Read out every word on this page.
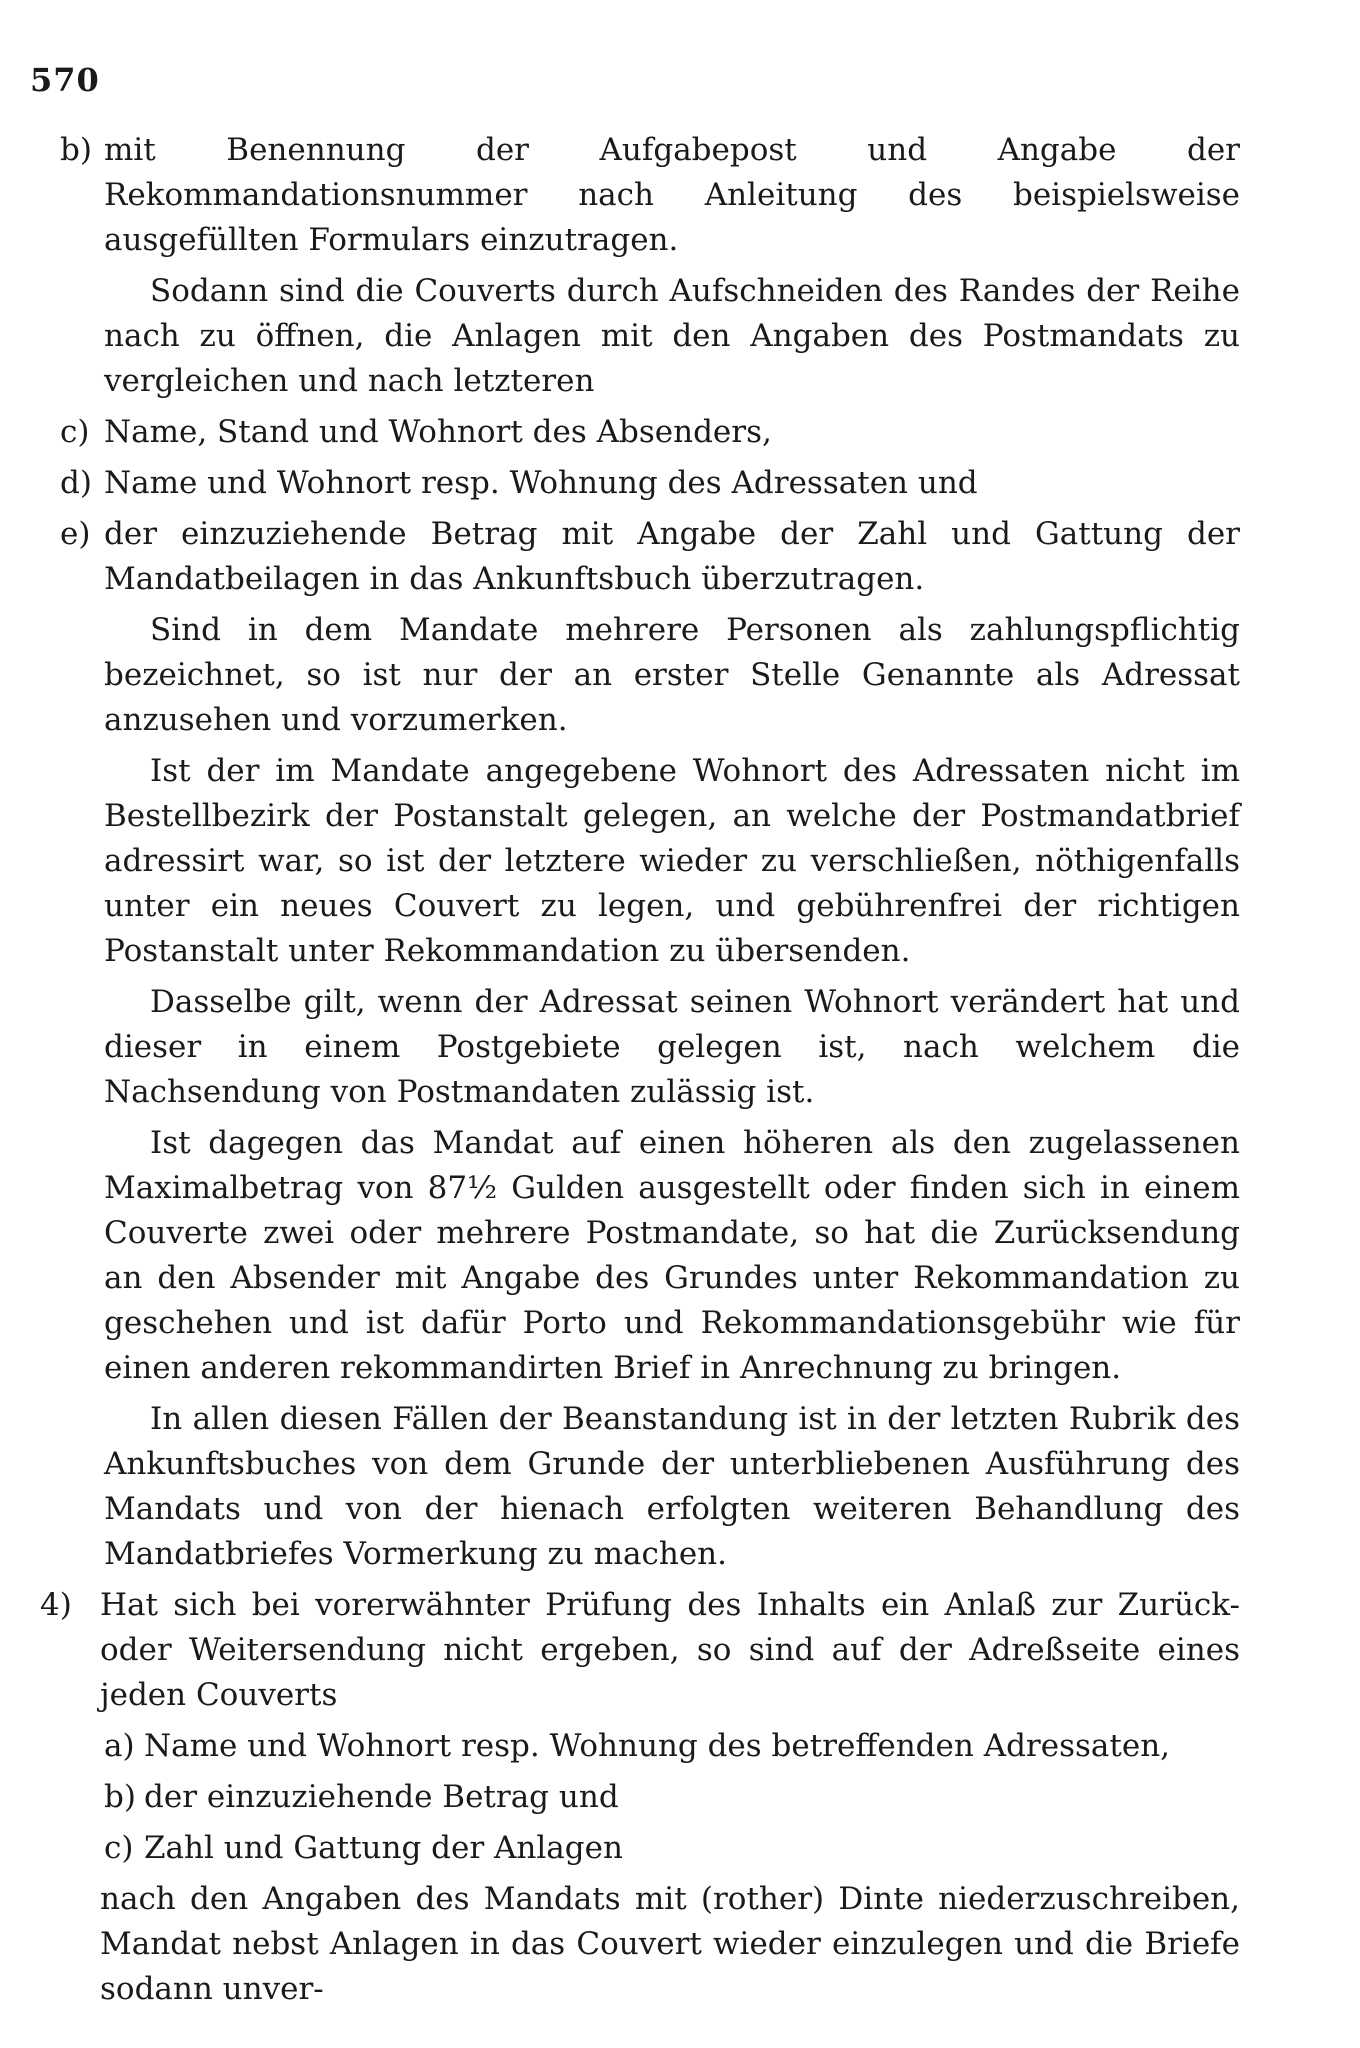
570
b) mit Benennung der Aufgabepost und Angabe der Rekommandationsnummer nach Anleitung des beispielsweise ausgefüllten Formulars einzutragen.

Sodann sind die Couverts durch Aufschneiden des Randes der Reihe nach zu öffnen, die Anlagen mit den Angaben des Postmandats zu vergleichen und nach letzteren

c) Name, Stand und Wohnort des Absenders,
d) Name und Wohnort resp. Wohnung des Adressaten und
e) der einzuziehende Betrag mit Angabe der Zahl und Gattung der Mandatbeilagen in das Ankunftsbuch überzutragen.

Sind in dem Mandate mehrere Personen als zahlungspflichtig bezeichnet, so ist nur der an erster Stelle Genannte als Adressat anzusehen und vorzumerken.

Ist der im Mandate angegebene Wohnort des Adressaten nicht im Bestellbezirk der Postanstalt gelegen, an welche der Postmandatbrief adressirt war, so ist der letztere wieder zu verschließen, nöthigenfalls unter ein neues Couvert zu legen, und gebührenfrei der richtigen Postanstalt unter Rekommandation zu übersenden.

Dasselbe gilt, wenn der Adressat seinen Wohnort verändert hat und dieser in einem Postgebiete gelegen ist, nach welchem die Nachsendung von Postmandaten zulässig ist.

Ist dagegen das Mandat auf einen höheren als den zugelassenen Maximalbetrag von 87½ Gulden ausgestellt oder finden sich in einem Couverte zwei oder mehrere Postmandate, so hat die Zurücksendung an den Absender mit Angabe des Grundes unter Rekommandation zu geschehen und ist dafür Porto und Rekommandationsgebühr wie für einen anderen rekommandirten Brief in Anrechnung zu bringen.

In allen diesen Fällen der Beanstandung ist in der letzten Rubrik des Ankunftsbuches von dem Grunde der unterbliebenen Ausführung des Mandats und von der hienach erfolgten weiteren Behandlung des Mandatbriefes Vormerkung zu machen.

4) Hat sich bei vorerwähnter Prüfung des Inhalts ein Anlaß zur Zurück- oder Weitersendung nicht ergeben, so sind auf der Adreßseite eines jeden Couverts
a) Name und Wohnort resp. Wohnung des betreffenden Adressaten,
b) der einzuziehende Betrag und
c) Zahl und Gattung der Anlagen

nach den Angaben des Mandats mit (rother) Dinte niederzuschreiben, Mandat nebst Anlagen in das Couvert wieder einzulegen und die Briefe sodann unver-
